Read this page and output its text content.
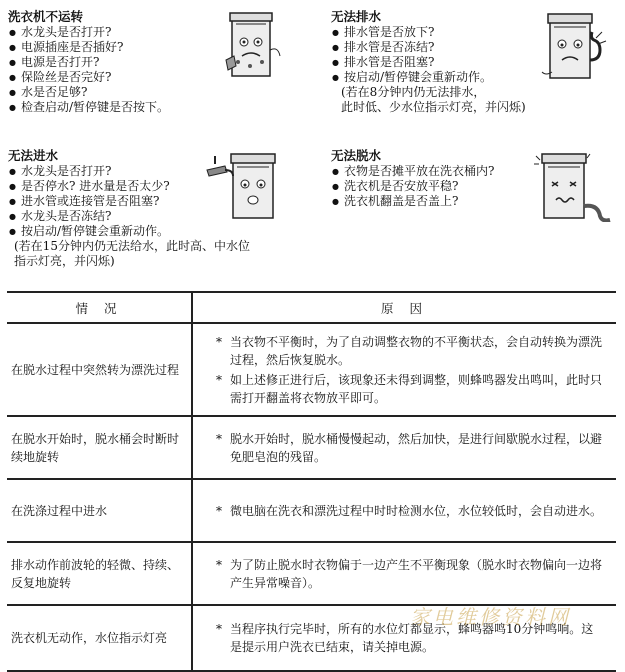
洗衣机不运转
● 水龙头是否打开?
● 电源插座是否插好?
● 电源是否打开?
● 保险丝是否完好?
● 水是否足够?
● 检查启动/暂停键是否按下。
无法排水
● 排水管是否放下?
● 排水管是否冻结?
● 排水管是否阻塞?
● 按启动/暂停键会重新动作。
(若在8分钟内仍无法排水，
此时低、少水位指示灯亮，并闪烁)
无法进水
● 水龙头是否打开?
● 是否停水? 进水量是否太少?
● 进水管或连接管是否阻塞?
● 水龙头是否冻结?
● 按启动/暂停键会重新动作。
(若在15分钟内仍无法给水，此时高、中水位
指示灯亮，并闪烁)
无法脱水
● 衣物是否摊平放在洗衣桶内?
● 洗衣机是否安放平稳?
● 洗衣机翻盖是否盖上?
情 况	原 因	
在脱水过程中突然转为漂洗过程		* 当衣物不平衡时，为了自动调整衣物的不平衡状态，会自动转换为漂洗过程，然后恢复脱水。
* 如上述修正进行后，该现象还未得到调整，则蜂鸣器发出鸣叫，此时只需打开翻盖将衣物放平即可。

在脱水开始时，脱水桶会时断时续地旋转		* 脱水开始时，脱水桶慢慢起动，然后加快，是进行间歇脱水过程，以避免肥皂泡的残留。

在洗涤过程中进水		* 微电脑在洗衣和漂洗过程中时时检测水位，水位较低时，会自动进水。

排水动作前波轮的轻微、持续、反复地旋转		* 为了防止脱水时衣物偏于一边产生不平衡现象（脱水时衣物偏向一边将产生异常噪音）。

洗衣机无动作，水位指示灯亮		* 当程序执行完毕时，所有的水位灯都显示，蜂鸣器鸣10分钟鸣响。这是提示用户洗衣已结束，请关掉电源。
家电维修资料网
